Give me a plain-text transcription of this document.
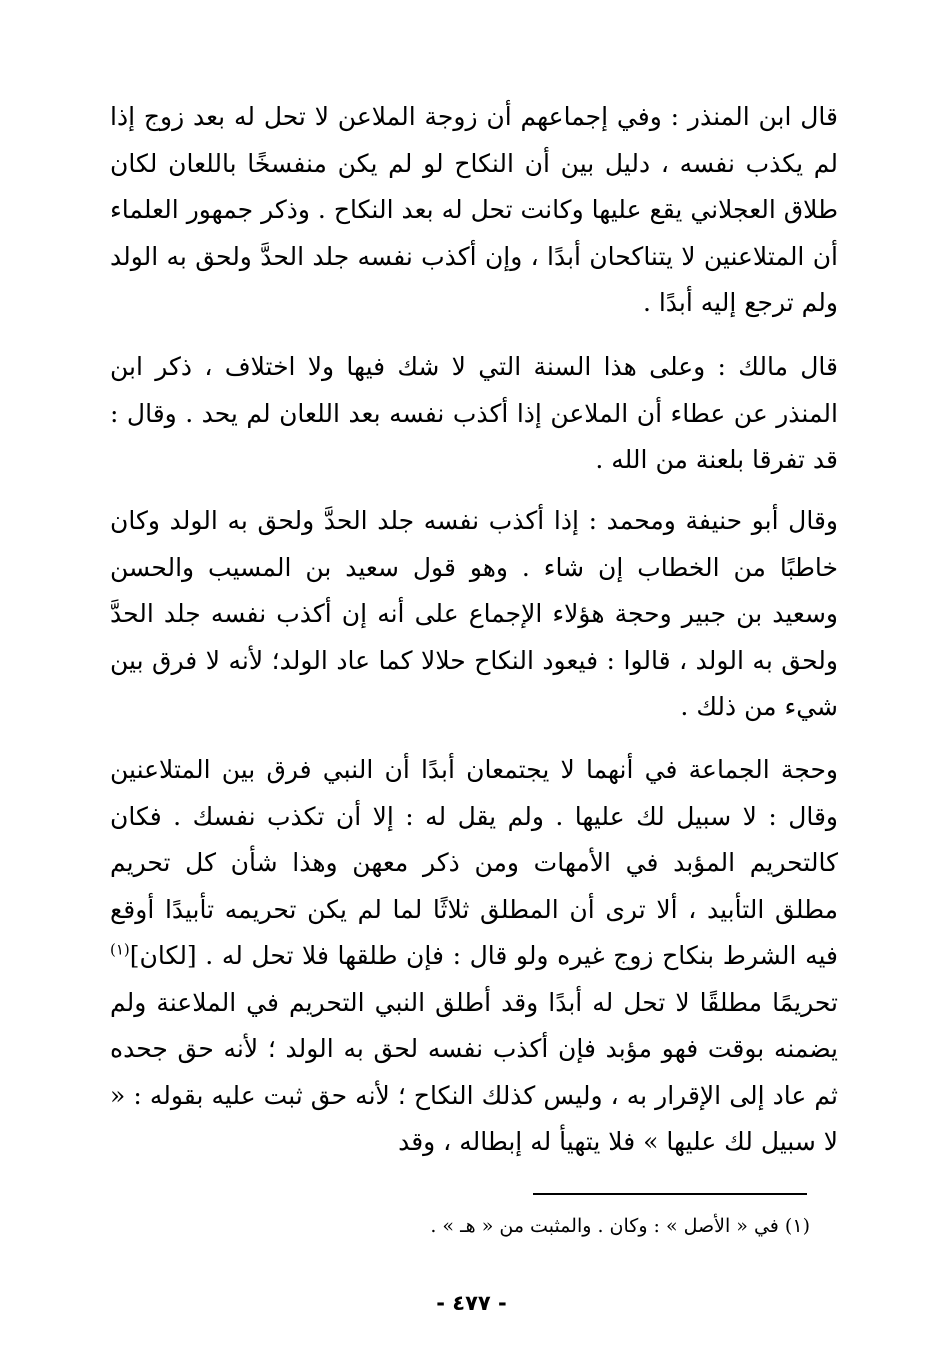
قال ابن المنذر : وفي إجماعهم أن زوجة الملاعن لا تحل له بعد زوج إذا لم يكذب نفسه ، دليل بين أن النكاح لو لم يكن منفسخًا باللعان لكان طلاق العجلاني يقع عليها وكانت تحل له بعد النكاح . وذكر جمهور العلماء أن المتلاعنين لا يتناكحان أبدًا ، وإن أكذب نفسه جلد الحدَّ ولحق به الولد ولم ترجع إليه أبدًا .

قال مالك : وعلى هذا السنة التي لا شك فيها ولا اختلاف ، ذكر ابن المنذر عن عطاء أن الملاعن إذا أكذب نفسه بعد اللعان لم يحد . وقال : قد تفرقا بلعنة من الله .

وقال أبو حنيفة ومحمد : إذا أكذب نفسه جلد الحدَّ ولحق به الولد وكان خاطبًا من الخطاب إن شاء . وهو قول سعيد بن المسيب والحسن وسعيد بن جبير وحجة هؤلاء الإجماع على أنه إن أكذب نفسه جلد الحدَّ ولحق به الولد ، قالوا : فيعود النكاح حلالا كما عاد الولد؛ لأنه لا فرق بين شيء من ذلك .

وحجة الجماعة في أنهما لا يجتمعان أبدًا أن النبي فرق بين المتلاعنين وقال : لا سبيل لك عليها . ولم يقل له : إلا أن تكذب نفسك . فكان كالتحريم المؤبد في الأمهات ومن ذكر معهن وهذا شأن كل تحريم مطلق التأبيد ، ألا ترى أن المطلق ثلاثًا لما لم يكن تحريمه تأبيدًا أوقع فيه الشرط بنكاح زوج غيره ولو قال : فإن طلقها فلا تحل له . [لكان]$^{(١)}$ تحريمًا مطلقًا لا تحل له أبدًا وقد أطلق النبي التحريم في الملاعنة ولم يضمنه بوقت فهو مؤبد فإن أكذب نفسه لحق به الولد ؛ لأنه حق جحده ثم عاد إلى الإقرار به ، وليس كذلك النكاح ؛ لأنه حق ثبت عليه بقوله : « لا سبيل لك عليها » فلا يتهيأ له إبطاله ، وقد

(١) في « الأصل » : وكان . والمثبت من « هـ » .
- ٤٧٧ -
